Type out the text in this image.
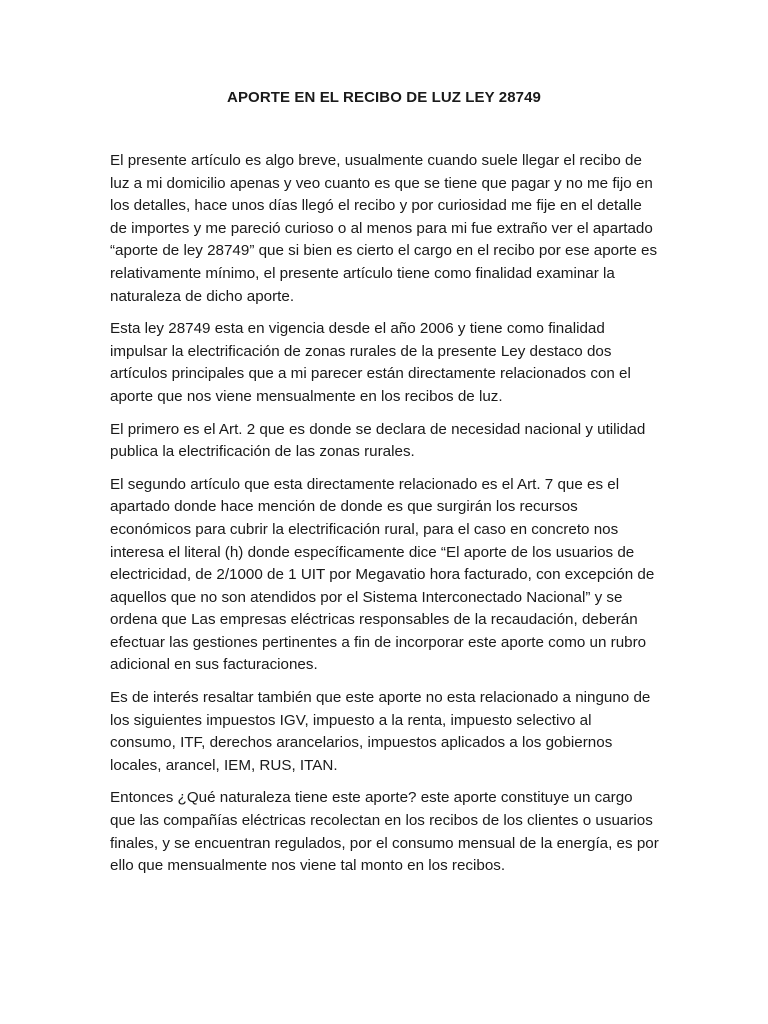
APORTE EN EL RECIBO DE LUZ LEY 28749

El presente artículo es algo breve, usualmente cuando suele llegar el recibo de luz a mi domicilio apenas y veo cuanto es que se tiene que pagar y no me fijo en los detalles, hace unos días llegó el recibo y por curiosidad me fije en el detalle de importes y me pareció curioso o al menos para mi fue extraño ver el apartado “aporte de ley 28749” que si bien es cierto el cargo en el recibo por ese aporte es relativamente mínimo, el presente artículo tiene como finalidad examinar la naturaleza de dicho aporte.

Esta ley 28749 esta en vigencia desde el año 2006 y tiene como finalidad impulsar la electrificación de zonas rurales de la presente Ley destaco dos artículos principales que a mi parecer están directamente relacionados con el aporte que nos viene mensualmente en los recibos de luz.

El primero es el Art. 2 que es donde se declara de necesidad nacional y utilidad publica la electrificación de las zonas rurales.

El segundo artículo que esta directamente relacionado es el Art. 7 que es el apartado donde hace mención de donde es que surgirán los recursos económicos para cubrir la electrificación rural, para el caso en concreto nos interesa el literal (h) donde específicamente dice “El aporte de los usuarios de electricidad, de 2/1000 de 1 UIT por Megavatio hora facturado, con excepción de aquellos que no son atendidos por el Sistema Interconectado Nacional” y se ordena que Las empresas eléctricas responsables de la recaudación, deberán efectuar las gestiones pertinentes a fin de incorporar este aporte como un rubro adicional en sus facturaciones.

Es de interés resaltar también que este aporte no esta relacionado a ninguno de los siguientes impuestos IGV, impuesto a la renta, impuesto selectivo al consumo, ITF, derechos arancelarios, impuestos aplicados a los gobiernos locales, arancel, IEM, RUS, ITAN.

Entonces ¿Qué naturaleza tiene este aporte? este aporte constituye un cargo que las compañías eléctricas recolectan en los recibos de los clientes o usuarios finales, y se encuentran regulados, por el consumo mensual de la energía, es por ello que mensualmente nos viene tal monto en los recibos.
